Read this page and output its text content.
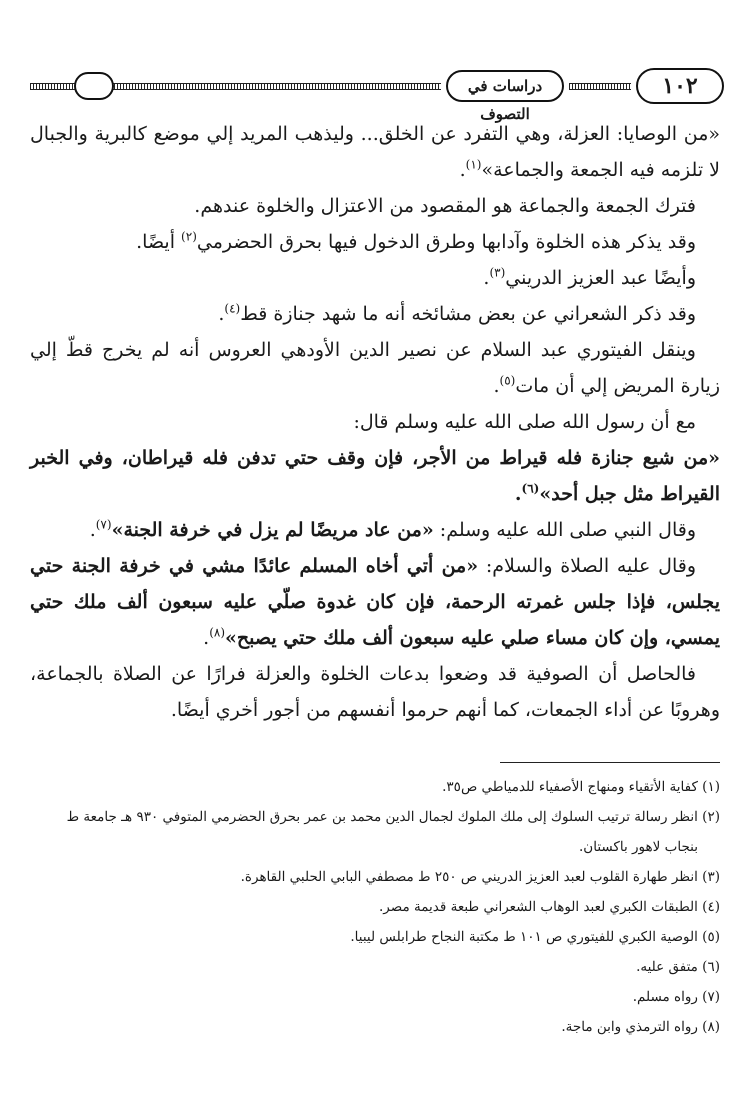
١٠٢
دراسات في التصوف

«من الوصايا: العزلة، وهي التفرد عن الخلق... وليذهب المريد إلي موضع كالبرية والجبال لا تلزمه فيه الجمعة والجماعة»$^{(١)}$.

فترك الجمعة والجماعة هو المقصود من الاعتزال والخلوة عندهم.

وقد يذكر هذه الخلوة وآدابها وطرق الدخول فيها بحرق الحضرمي$^{(٢)}$ أيضًا.

وأيضًا عبد العزيز الدريني$^{(٣)}$.

وقد ذكر الشعراني عن بعض مشائخه أنه ما شهد جنازة قط$^{(٤)}$.

وينقل الفيتوري عبد السلام عن نصير الدين الأودهي العروس أنه لم يخرج قطّ إلي زيارة المريض إلي أن مات$^{(٥)}$.

مع أن رسول الله صلى الله عليه وسلم قال:

«من شيع جنازة فله قيراط من الأجر، فإن وقف حتي تدفن فله قيراطان، وفي الخبر القيراط مثل جبل أحد»$^{(٦)}$.

وقال النبي صلى الله عليه وسلم: «من عاد مريضًا لم يزل في خرفة الجنة»$^{(٧)}$.

وقال عليه الصلاة والسلام: «من أتي أخاه المسلم عائدًا مشي في خرفة الجنة حتي يجلس، فإذا جلس غمرته الرحمة، فإن كان غدوة صلّي عليه سبعون ألف ملك حتي يمسي، وإن كان مساء صلي عليه سبعون ألف ملك حتي يصبح»$^{(٨)}$.

فالحاصل أن الصوفية قد وضعوا بدعات الخلوة والعزلة فرارًا عن الصلاة بالجماعة، وهروبًا عن أداء الجمعات، كما أنهم حرموا أنفسهم من أجور أخري أيضًا.

(١) كفاية الأتقياء ومنهاج الأصفياء للدمياطي ص٣٥.

(٢) انظر رسالة ترتيب السلوك إلى ملك الملوك لجمال الدين محمد بن عمر بحرق الحضرمي المتوفي ٩٣٠ هـ جامعة ط

بنجاب لاهور باكستان.

(٣) انظر طهارة القلوب لعبد العزيز الدريني ص ٢٥٠ ط مصطفي البابي الحلبي القاهرة.

(٤) الطبقات الكبري لعبد الوهاب الشعراني طبعة قديمة مصر.

(٥) الوصية الكبري للفيتوري ص ١٠١ ط مكتبة النجاح طرابلس ليبيا.

(٦) متفق عليه.

(٧) رواه مسلم.

(٨) رواه الترمذي وابن ماجة.
